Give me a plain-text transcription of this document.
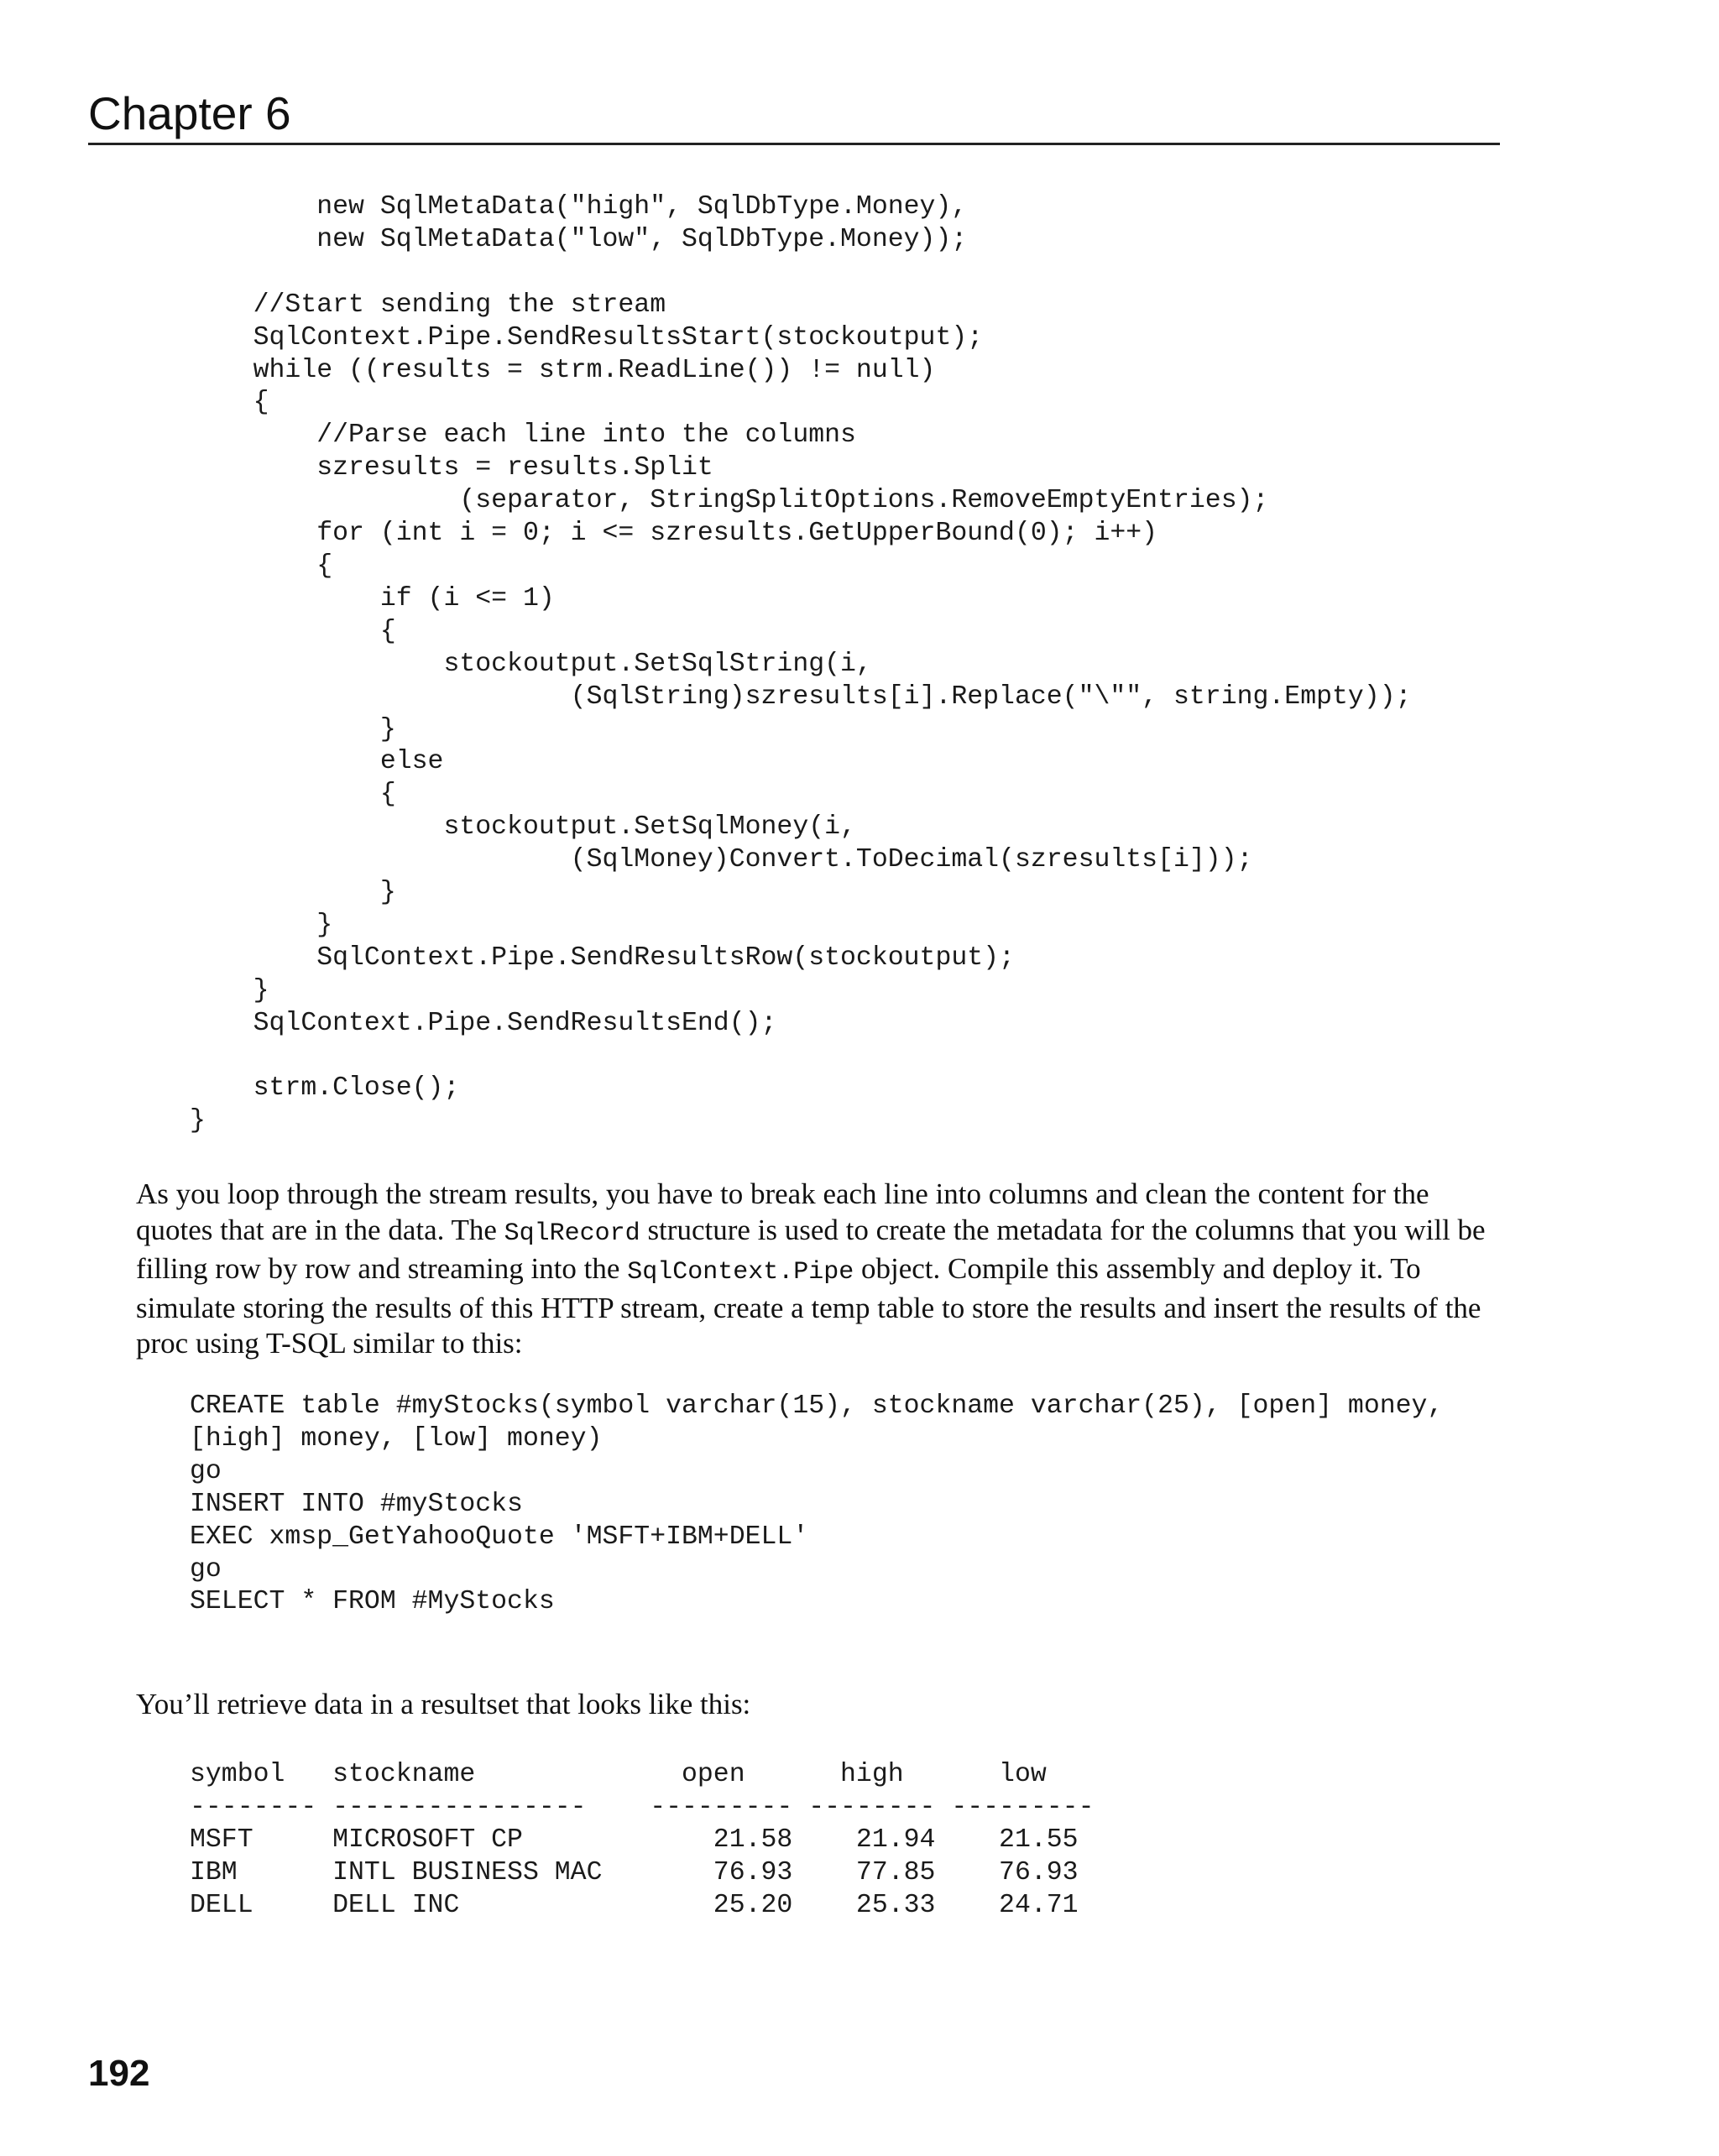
Chapter 6
new SqlMetaData("high", SqlDbType.Money),
new SqlMetaData("low", SqlDbType.Money));

//Start sending the stream
SqlContext.Pipe.SendResultsStart(stockoutput);
while ((results = strm.ReadLine()) != null)
{
//Parse each line into the columns
szresults = results.Split
(separator, StringSplitOptions.RemoveEmptyEntries);
for (int i = 0; i <= szresults.GetUpperBound(0); i++)
{
if (i <= 1)
{
stockoutput.SetSqlString(i,
(SqlString)szresults[i].Replace("\"", string.Empty));
}
else
{
stockoutput.SetSqlMoney(i,
(SqlMoney)Convert.ToDecimal(szresults[i]));
}
}
SqlContext.Pipe.SendResultsRow(stockoutput);
}
SqlContext.Pipe.SendResultsEnd();

strm.Close();
}

As you loop through the stream results, you have to break each line into columns and clean the content for the quotes that are in the data. The SqlRecord structure is used to create the metadata for the columns that you will be filling row by row and streaming into the SqlContext.Pipe object. Compile this assembly and deploy it. To simulate storing the results of this HTTP stream, create a temp table to store the results and insert the results of the proc using T-SQL similar to this:

CREATE table #myStocks(symbol varchar(15), stockname varchar(25), [open] money,
[high] money, [low] money)
go
INSERT INTO #myStocks
EXEC xmsp_GetYahooQuote 'MSFT+IBM+DELL'
go
SELECT * FROM #MyStocks

You’ll retrieve data in a resultset that looks like this:

symbol   stockname             open      high      low
-------- ----------------    --------- -------- ---------
MSFT     MICROSOFT CP            21.58    21.94    21.55
IBM      INTL BUSINESS MAC       76.93    77.85    76.93
DELL     DELL INC                25.20    25.33    24.71
192
